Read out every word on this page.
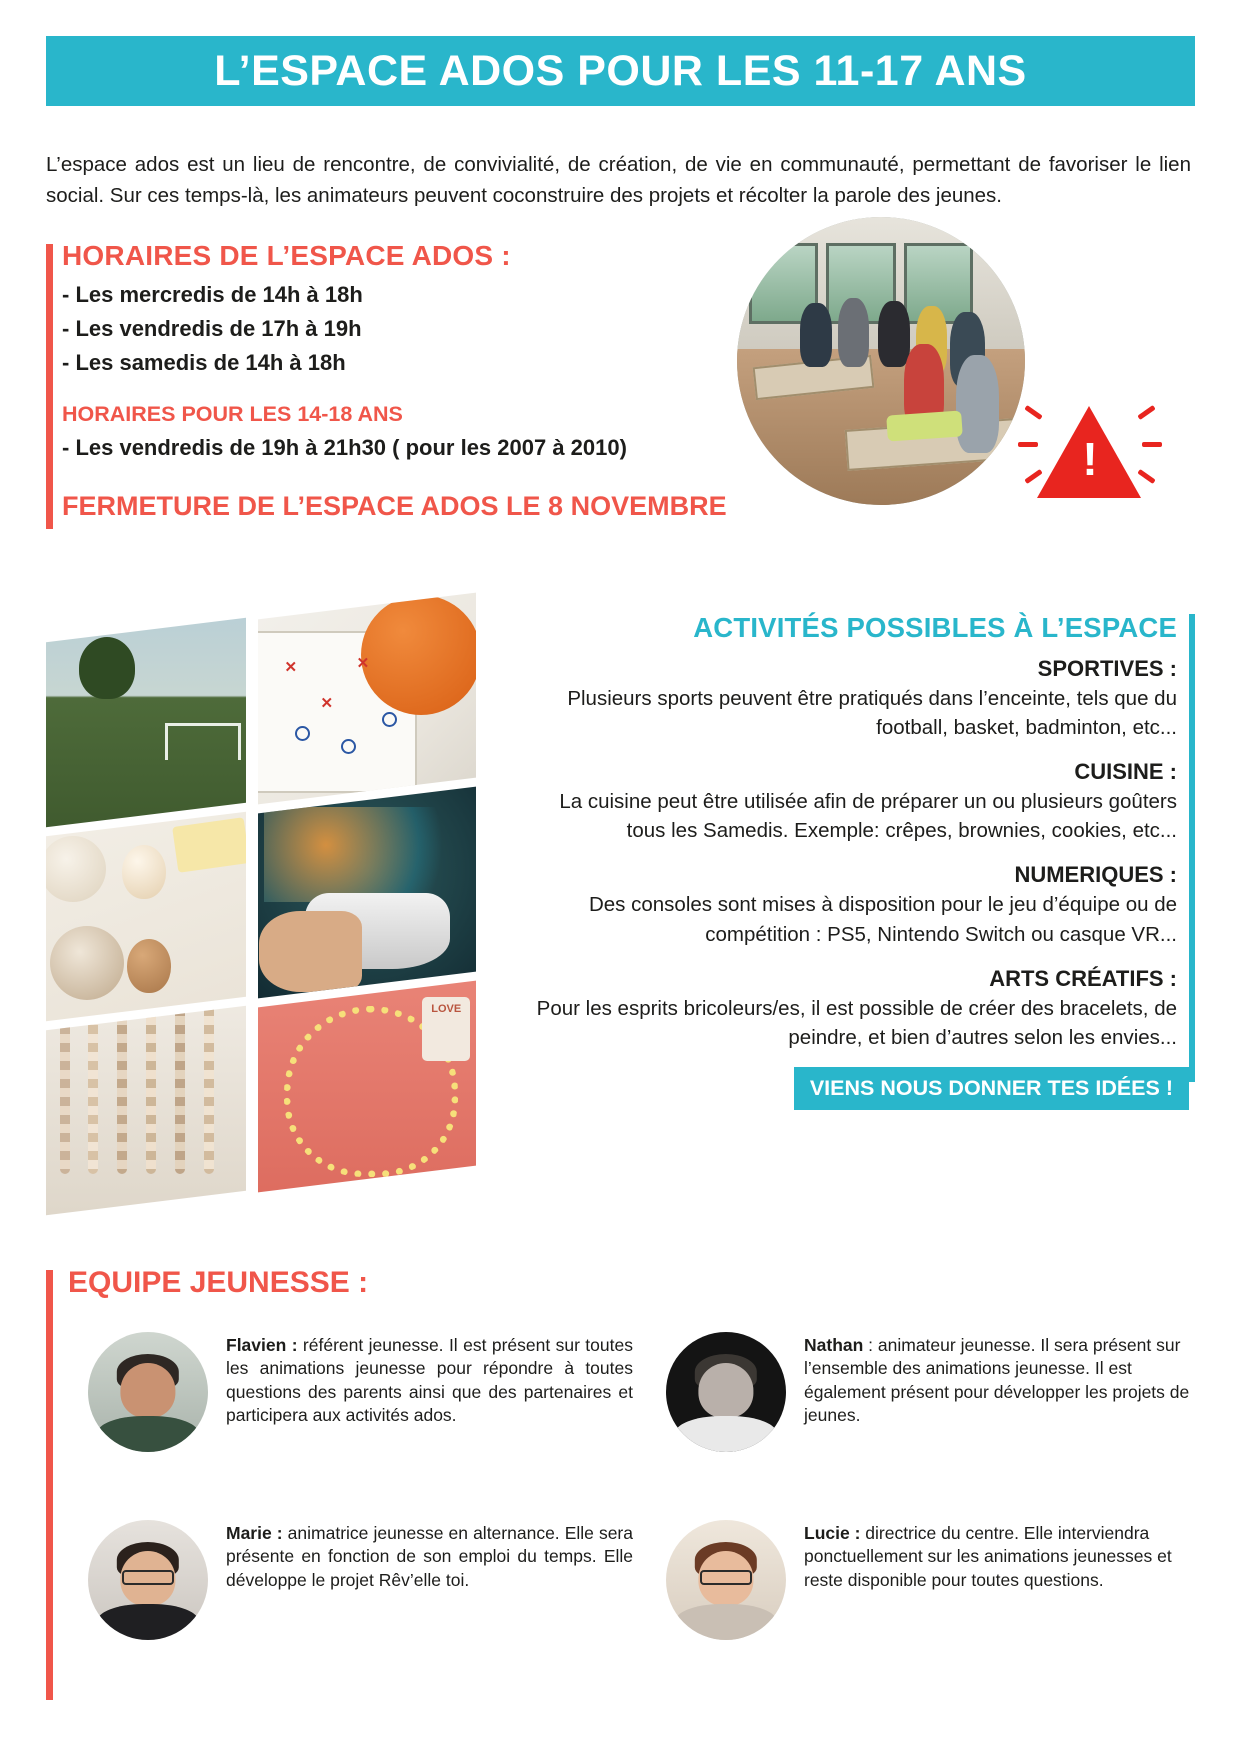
L’ESPACE ADOS POUR LES 11-17 ANS

L’espace ados est un lieu de rencontre, de convivialité, de création, de vie en communauté, permettant de favoriser le lien social. Sur ces temps-là, les animateurs peuvent coconstruire des projets et récolter la parole des jeunes.

HORAIRES DE L’ESPACE ADOS :

- Les mercredis de 14h à 18h

- Les vendredis de 17h à 19h

- Les samedis de 14h à 18h

HORAIRES POUR LES 14-18 ANS

- Les vendredis de 19h à 21h30 ( pour les 2007 à 2010)

FERMETURE DE L’ESPACE ADOS LE 8 NOVEMBRE
!
✕
✕
✕
LOVE
ACTIVITÉS POSSIBLES À L’ESPACE
SPORTIVES :

Plusieurs sports peuvent être pratiqués dans l’enceinte, tels que du football, basket, badminton, etc...

CUISINE :

La cuisine peut être utilisée afin de préparer un ou plusieurs goûters tous les Samedis. Exemple: crêpes, brownies, cookies, etc...

NUMERIQUES :

Des consoles sont mises à disposition pour le jeu d’équipe ou de compétition : PS5, Nintendo Switch ou casque VR...

ARTS CRÉATIFS :

Pour les esprits bricoleurs/es, il est possible de créer des bracelets, de peindre, et bien d’autres selon les envies...

VIENS NOUS DONNER TES IDÉES !
EQUIPE JEUNESSE :
Flavien : référent jeunesse. Il est présent sur toutes les animations jeunesse pour répondre à toutes questions des parents ainsi que des partenaires et participera aux activités ados.
Nathan : animateur jeunesse. Il sera présent sur l’ensemble des animations jeunesse. Il est également présent pour développer les projets de jeunes.
Marie : animatrice jeunesse en alternance. Elle sera présente en fonction de son emploi du temps. Elle développe le projet Rêv’elle toi.
Lucie : directrice du centre. Elle interviendra ponctuellement sur les animations jeunesses et reste disponible pour toutes questions.
